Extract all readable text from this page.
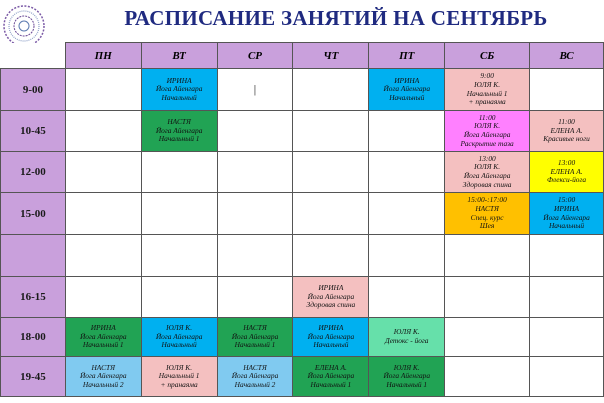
РАСПИСАНИЕ ЗАНЯТИЙ НА СЕНТЯБРЬ
	ПН	ВТ	СР	ЧТ	ПТ	СБ	ВС
9-00		ИРИНА
Йога Айенгара
Начальный	|		ИРИНА
Йога Айенгара
Начальный	9:00
ЮЛЯ К.
Начальный 1
+ пранаяма	

10-45		НАСТЯ
Йога Айенгара
Начальный 1				11:00
ЮЛЯ К.
Йога Айенгара
Раскрытие таза	11:00
ЕЛЕНА А.
Красивые ноги

12-00						13:00
ЮЛЯ К.
Йога Айенгара
Здоровая спина	13:00
ЕЛЕНА А.
Флекси-йога

15-00						15:00-:17:00
НАСТЯ
Спец. курс
Шея	15:00
ИРИНА
Йога Айенгара
Начальный

16-15				ИРИНА
Йога Айенгара
Здоровая спина			

18-00	ИРИНА
Йога Айенгара
Начальный 1	ЮЛЯ К.
Йога Айенгара
Начальный	НАСТЯ
Йога Айенгара
Начальный 1	ИРИНА
Йога Айенгара
Начальный	ЮЛЯ К.
Детокс - йога		

19-45	НАСТЯ
Йога Айенгара
Начальный 2	ЮЛЯ К.
Начальный 1
+ пранаяма	НАСТЯ
Йога Айенгара
Начальный 2	ЕЛЕНА А.
Йога Айенгара
Начальный 1	ЮЛЯ К.
Йога Айенгара
Начальный 1		
